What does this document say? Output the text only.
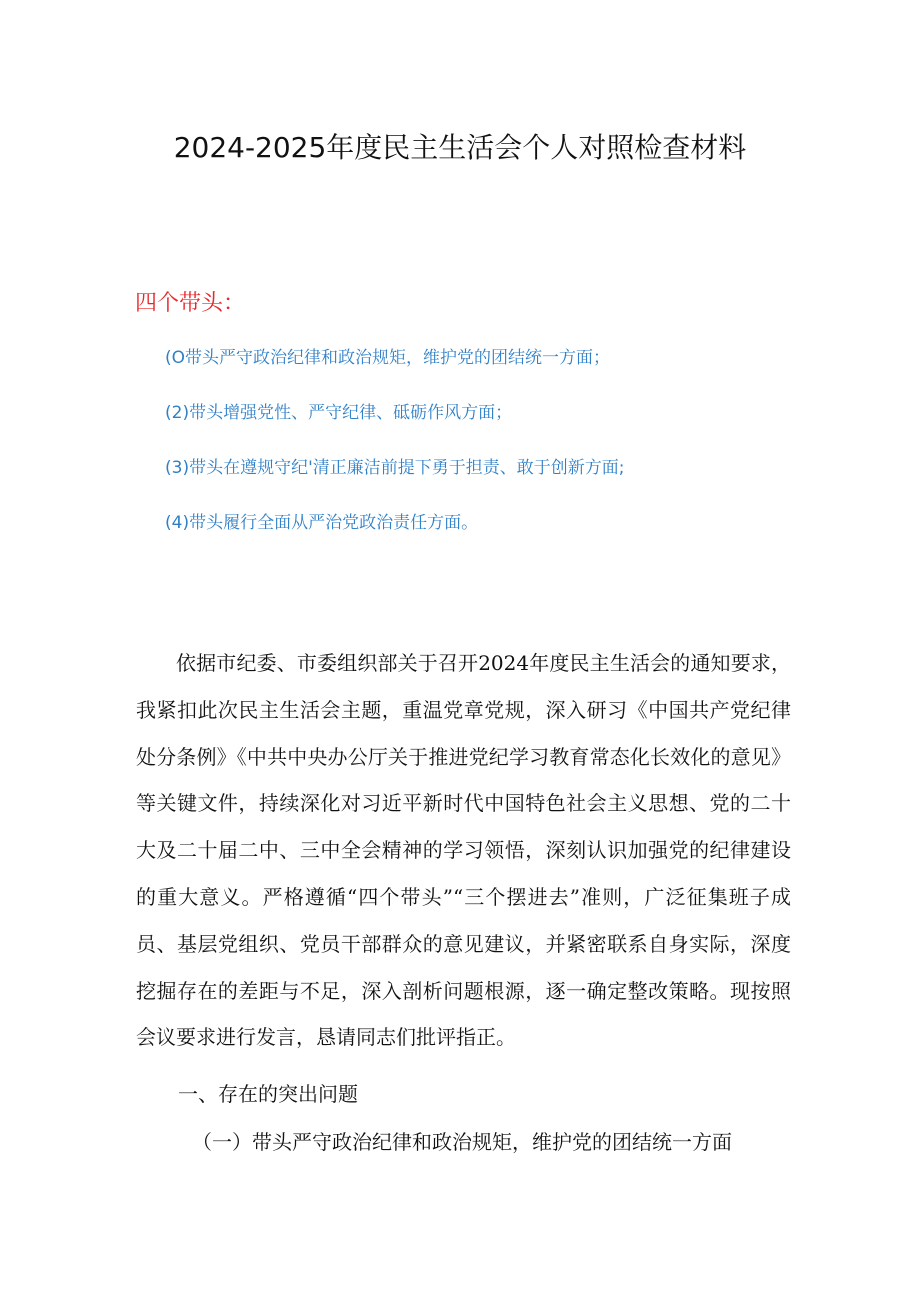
2024-2025年度民主生活会个人对照检查材料

四个带头：

(O带头严守政治纪律和政治规矩，维护党的团结统一方面；
(2)带头增强党性、严守纪律、砥砺作风方面；
(3)带头在遵规守纪'清正廉洁前提下勇于担责、敢于创新方面;
(4)带头履行全面从严治党政治责任方面。

依据市纪委、市委组织部关于召开2024年度民主生活会的通知要求，我紧扣此次民主生活会主题，重温党章党规，深入研习《中国共产党纪律处分条例》《中共中央办公厅关于推进党纪学习教育常态化长效化的意见》等关键文件，持续深化对习近平新时代中国特色社会主义思想、党的二十大及二十届二中、三中全会精神的学习领悟，深刻认识加强党的纪律建设的重大意义。严格遵循“四个带头”“三个摆进去”准则，广泛征集班子成员、基层党组织、党员干部群众的意见建议，并紧密联系自身实际，深度挖掘存在的差距与不足，深入剖析问题根源，逐一确定整改策略。现按照会议要求进行发言，恳请同志们批评指正。

一、存在的突出问题
（一）带头严守政治纪律和政治规矩，维护党的团结统一方面
